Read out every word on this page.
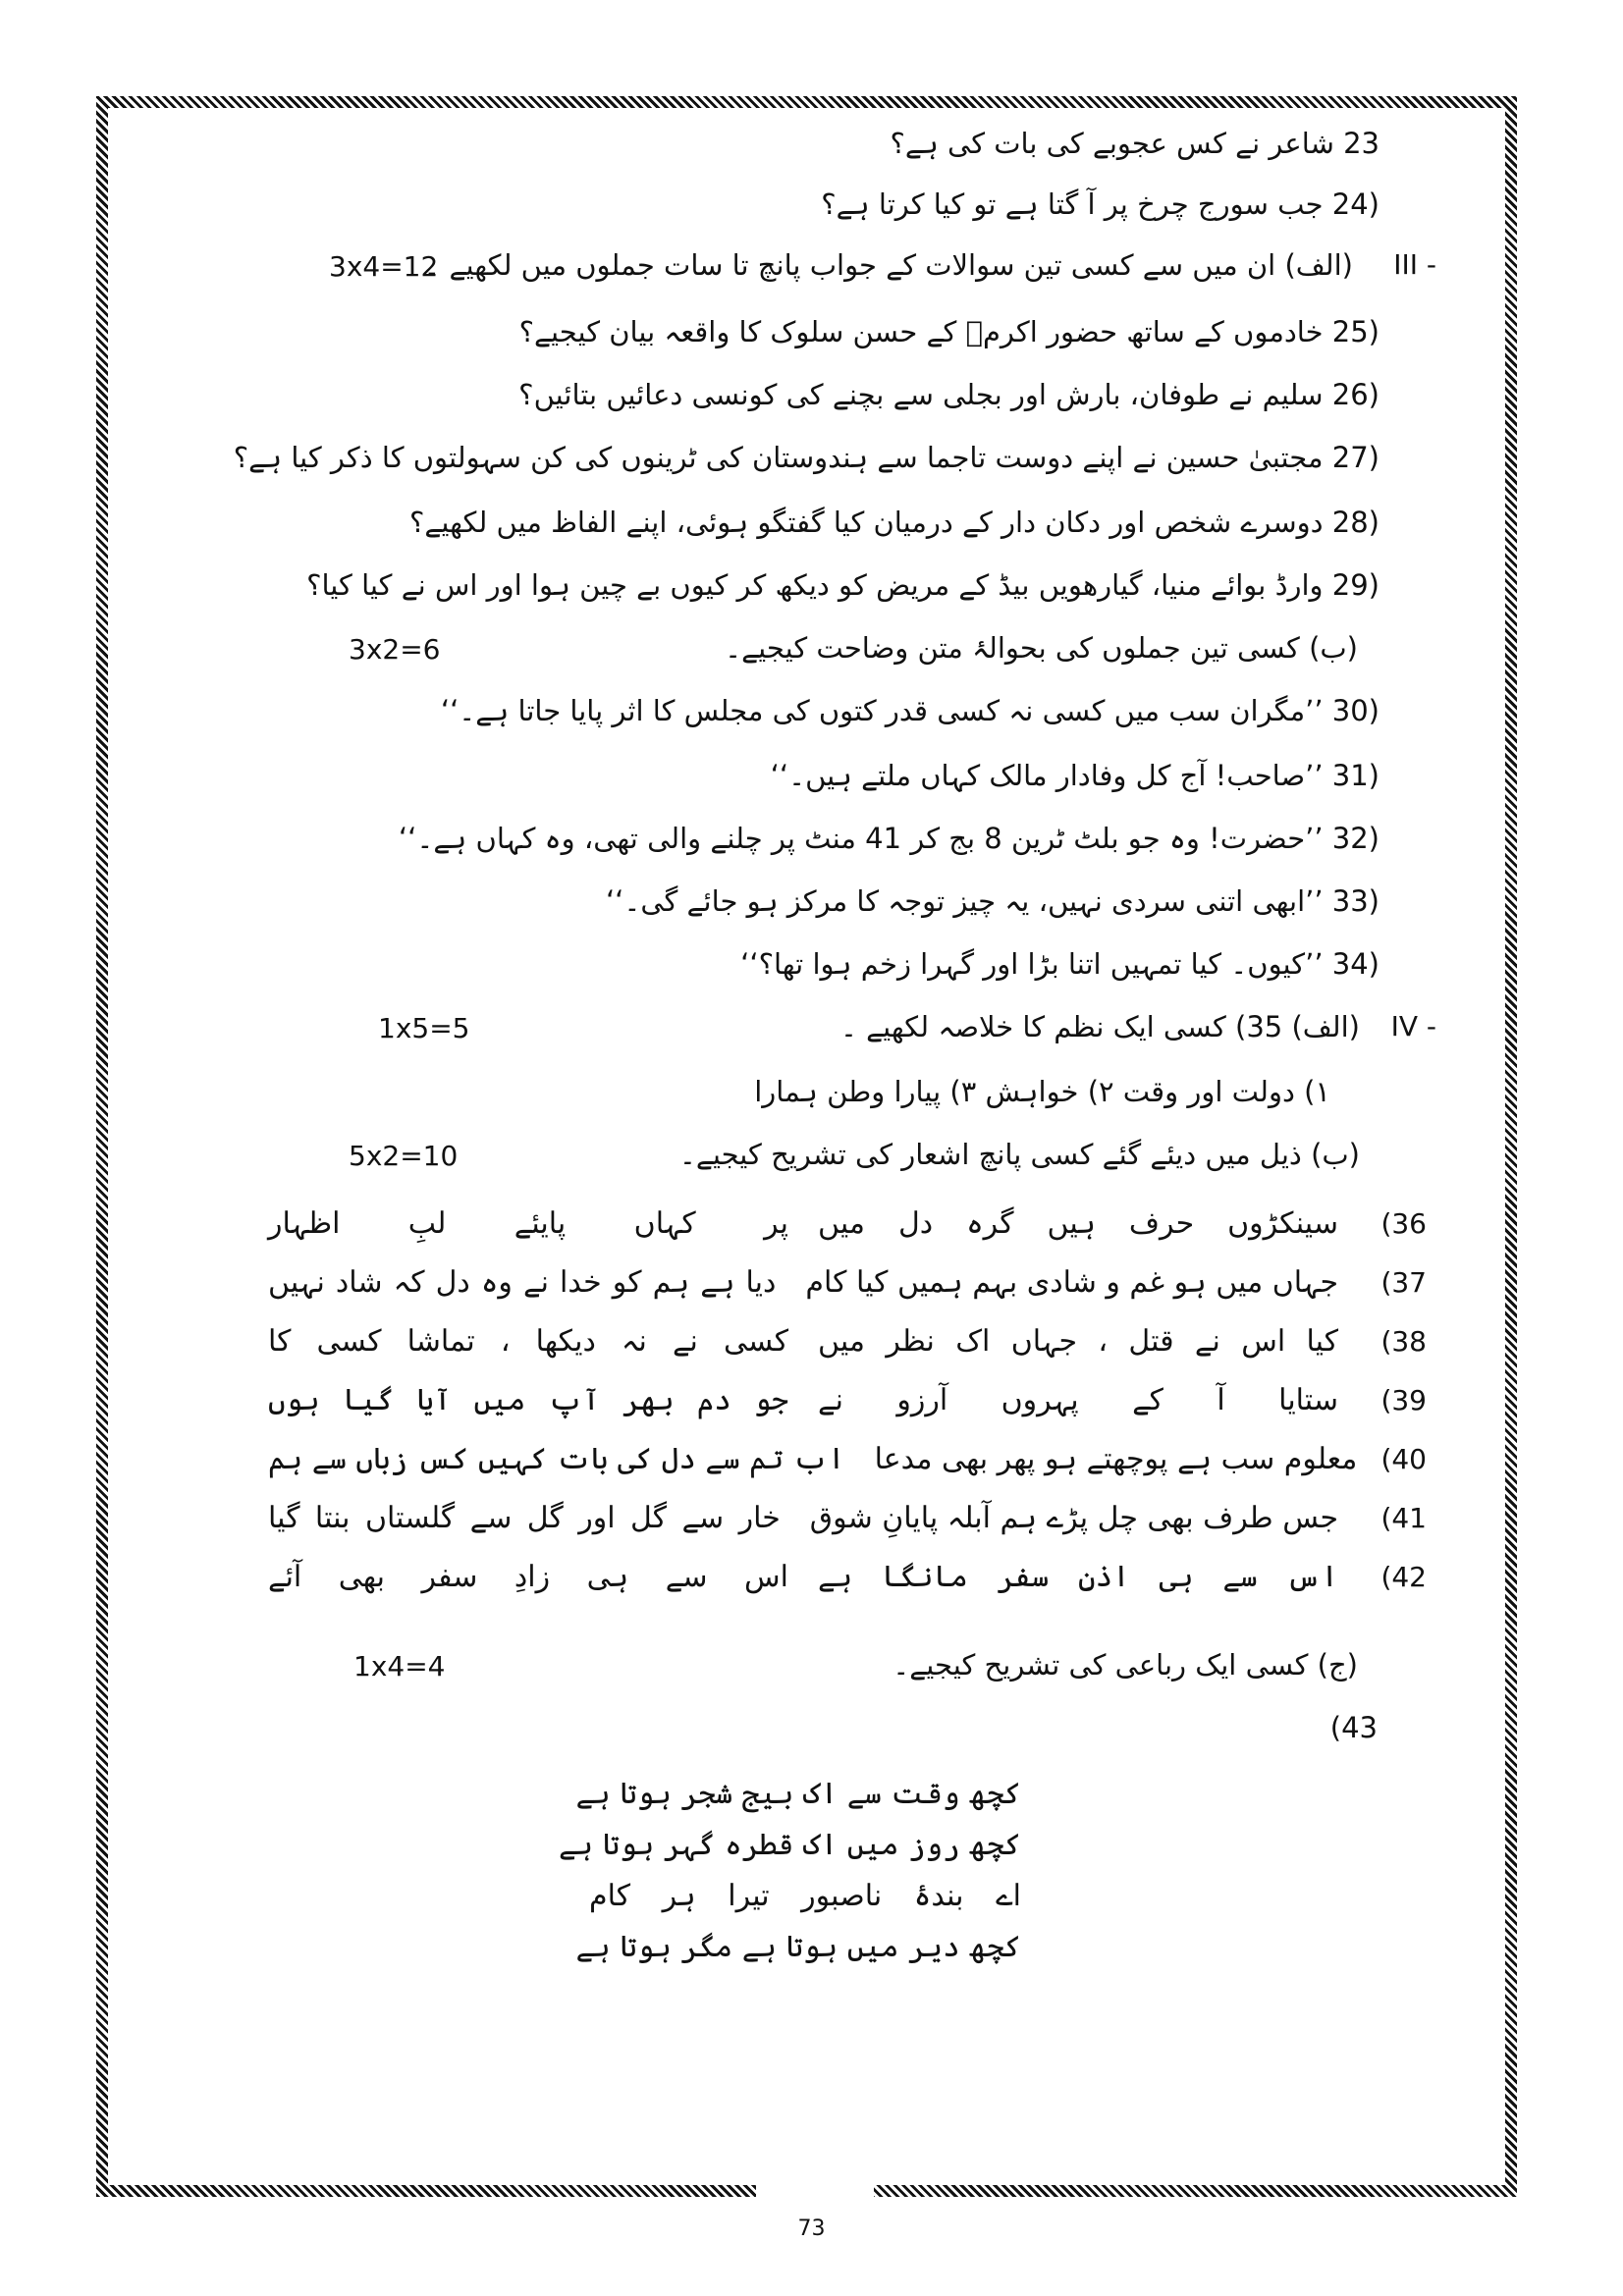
23 شاعر نے کس عجوبے کی بات کی ہے؟
24) جب سورج چرخ پر آ گتا ہے تو کیا کرتا ہے؟
III -
(الف) ان میں سے کسی تین سوالات کے جواب پانچ تا سات جملوں میں لکھیے ۔
3x4=12
25) خادموں کے ساتھ حضور اکرمؐ کے حسن سلوک کا واقعہ بیان کیجیے؟
26) سلیم نے طوفان، بارش اور بجلی سے بچنے کی کونسی دعائیں بتائیں؟
27) مجتبیٰ حسین نے اپنے دوست تاجما سے ہندوستان کی ٹرینوں کی کن سہولتوں کا ذکر کیا ہے؟
28) دوسرے شخص اور دکان دار کے درمیان کیا گفتگو ہوئی، اپنے الفاظ میں لکھیے؟
29) وارڈ بوائے منیا، گیارھویں بیڈ کے مریض کو دیکھ کر کیوں بے چین ہوا اور اس نے کیا کیا؟
(ب) کسی تین جملوں کی بحوالۂ متن وضاحت کیجیے۔
3x2=6
30) ’’مگران سب میں کسی نہ کسی قدر کتوں کی مجلس کا اثر پایا جاتا ہے۔‘‘
31) ’’صاحب! آج کل وفادار مالک کہاں ملتے ہیں۔‘‘
32) ’’حضرت! وہ جو بلٹ ٹرین 8 بج کر 41 منٹ پر چلنے والی تھی، وہ کہاں ہے۔‘‘
33) ’’ابھی اتنی سردی نہیں، یہ چیز توجہ کا مرکز ہو جائے گی۔‘‘
34) ’’کیوں۔ کیا تمہیں اتنا بڑا اور گہرا زخم ہوا تھا؟‘‘
IV -
(الف) 35) کسی ایک نظم کا خلاصہ لکھیے ۔
1x5=5
۱) دولت اور وقت ۲) خواہش ۳) پیارا وطن ہمارا
(ب) ذیل میں دیئے گئے کسی پانچ اشعار کی تشریح کیجیے۔
5x2=10
(36
سینکڑوں حرف ہیں گرہ دل میں
پر کہاں پایئے لبِ اظہار
(37
جہاں میں ہو غم و شادی بہم ہمیں کیا کام
دیا ہے ہم کو خدا نے وہ دل کہ شاد نہیں
(38
کیا اس نے قتل ، جہاں اک نظر میں
کسی نے نہ دیکھا ، تماشا کسی کا
(39
ستایا آ کے پہروں آرزو نے
جو دم بھر آپ میں آیا گیا ہوں
(40
معلوم سب ہے پوچھتے ہو پھر بھی مدعا
اب تم سے دل کی بات کہیں کس زباں سے ہم
(41
جس طرف بھی چل پڑے ہم آبلہ پایانِ شوق
خار سے گل اور گل سے گلستاں بنتا گیا
(42
اس سے ہی اذنِ سفر مانگا ہے
اس سے ہی زادِ سفر بھی آئے
(ج) کسی ایک رباعی کی تشریح کیجیے۔
1x4=4
(43
کچھ وقت سے اک بیج شجر ہوتا ہے
کچھ روز میں اک قطرہ گہر ہوتا ہے
اے بندۂ ناصبور تیرا ہر کام
کچھ دیر میں ہوتا ہے مگر ہوتا ہے
73
